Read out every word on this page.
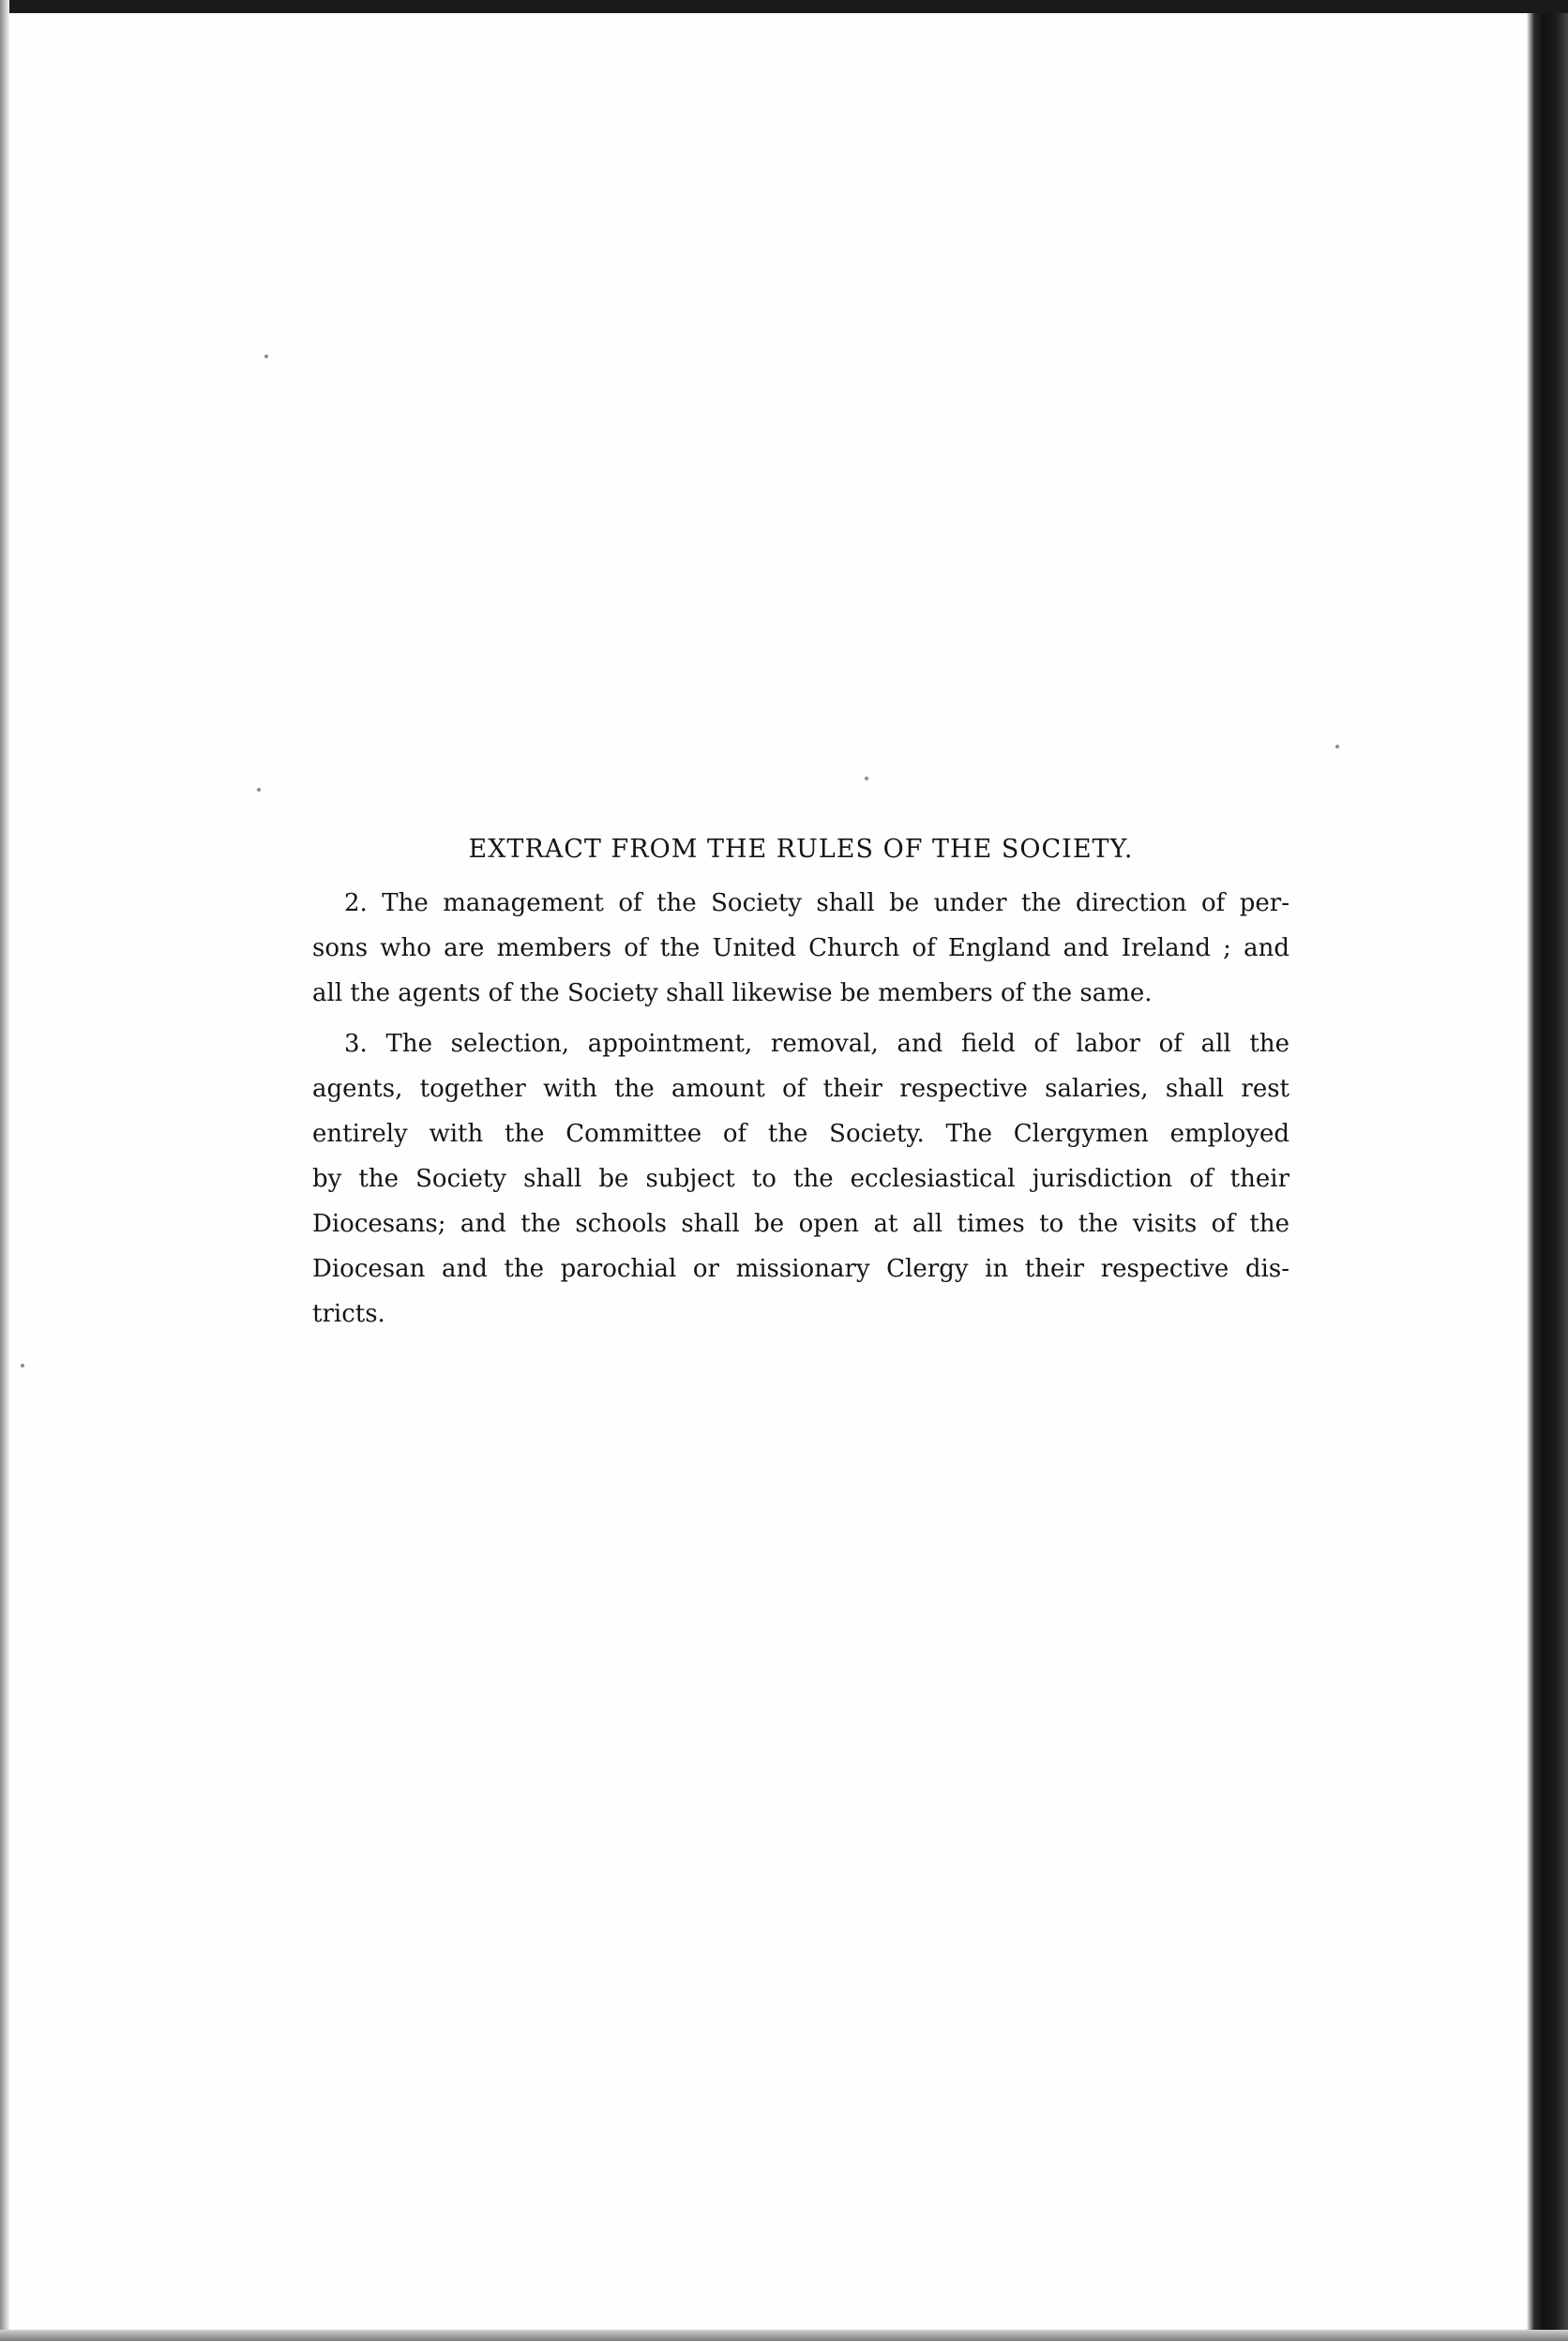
EXTRACT FROM THE RULES OF THE SOCIETY.
2. The management of the Society shall be under the direction of per-
sons who are members of the United Church of England and Ireland ; and
all the agents of the Society shall likewise be members of the same.
3. The selection, appointment, removal, and field of labor of all the
agents, together with the amount of their respective salaries, shall rest
entirely with the Committee of the Society. The Clergymen employed
by the Society shall be subject to the ecclesiastical jurisdiction of their
Diocesans; and the schools shall be open at all times to the visits of the
Diocesan and the parochial or missionary Clergy in their respective dis-
tricts.
